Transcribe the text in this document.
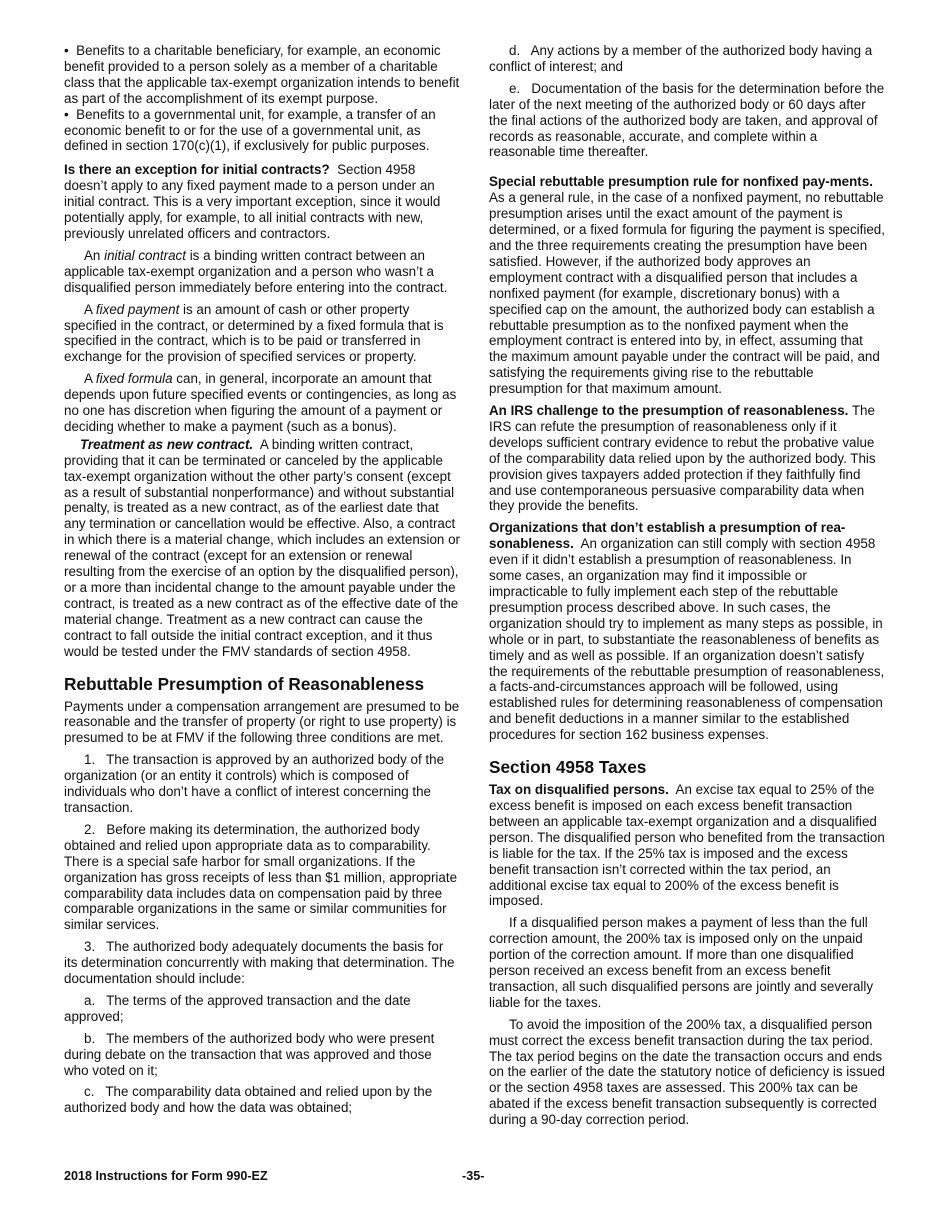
•  Benefits to a charitable beneficiary, for example, an economic benefit provided to a person solely as a member of a charitable class that the applicable tax-exempt organization intends to benefit as part of the accomplishment of its exempt purpose.

•  Benefits to a governmental unit, for example, a transfer of an economic benefit to or for the use of a governmental unit, as defined in section 170(c)(1), if exclusively for public purposes.

Is there an exception for initial contracts? Section 4958 doesn’t apply to any fixed payment made to a person under an initial contract. This is a very important exception, since it would potentially apply, for example, to all initial contracts with new, previously unrelated officers and contractors.

An initial contract is a binding written contract between an applicable tax-exempt organization and a person who wasn’t a disqualified person immediately before entering into the contract.

A fixed payment is an amount of cash or other property specified in the contract, or determined by a fixed formula that is specified in the contract, which is to be paid or transferred in exchange for the provision of specified services or property.

A fixed formula can, in general, incorporate an amount that depends upon future specified events or contingencies, as long as no one has discretion when figuring the amount of a payment or deciding whether to make a payment (such as a bonus).

Treatment as new contract. A binding written contract, providing that it can be terminated or canceled by the applicable tax-exempt organization without the other party’s consent (except as a result of substantial nonperformance) and without substantial penalty, is treated as a new contract, as of the earliest date that any termination or cancellation would be effective. Also, a contract in which there is a material change, which includes an extension or renewal of the contract (except for an extension or renewal resulting from the exercise of an option by the disqualified person), or a more than incidental change to the amount payable under the contract, is treated as a new contract as of the effective date of the material change. Treatment as a new contract can cause the contract to fall outside the initial contract exception, and it thus would be tested under the FMV standards of section 4958.

Rebuttable Presumption of Reasonableness

Payments under a compensation arrangement are presumed to be reasonable and the transfer of property (or right to use property) is presumed to be at FMV if the following three conditions are met.

1.   The transaction is approved by an authorized body of the organization (or an entity it controls) which is composed of individuals who don’t have a conflict of interest concerning the transaction.

2.   Before making its determination, the authorized body obtained and relied upon appropriate data as to comparability. There is a special safe harbor for small organizations. If the organization has gross receipts of less than $1 million, appropriate comparability data includes data on compensation paid by three comparable organizations in the same or similar communities for similar services.

3.   The authorized body adequately documents the basis for its determination concurrently with making that determination. The documentation should include:

a.   The terms of the approved transaction and the date approved;

b.   The members of the authorized body who were present during debate on the transaction that was approved and those who voted on it;

c.   The comparability data obtained and relied upon by the authorized body and how the data was obtained;

d.   Any actions by a member of the authorized body having a conflict of interest; and

e.   Documentation of the basis for the determination before the later of the next meeting of the authorized body or 60 days after the final actions of the authorized body are taken, and approval of records as reasonable, accurate, and complete within a reasonable time thereafter.

Special rebuttable presumption rule for nonfixed pay-ments.  As a general rule, in the case of a nonfixed payment, no rebuttable presumption arises until the exact amount of the payment is determined, or a fixed formula for figuring the payment is specified, and the three requirements creating the presumption have been satisfied. However, if the authorized body approves an employment contract with a disqualified person that includes a nonfixed payment (for example, discretionary bonus) with a specified cap on the amount, the authorized body can establish a rebuttable presumption as to the nonfixed payment when the employment contract is entered into by, in effect, assuming that the maximum amount payable under the contract will be paid, and satisfying the requirements giving rise to the rebuttable presumption for that maximum amount.

An IRS challenge to the presumption of reasonableness. The IRS can refute the presumption of reasonableness only if it develops sufficient contrary evidence to rebut the probative value of the comparability data relied upon by the authorized body. This provision gives taxpayers added protection if they faithfully find and use contemporaneous persuasive comparability data when they provide the benefits.

Organizations that don’t establish a presumption of rea-sonableness. An organization can still comply with section 4958 even if it didn’t establish a presumption of reasonableness. In some cases, an organization may find it impossible or impracticable to fully implement each step of the rebuttable presumption process described above. In such cases, the organization should try to implement as many steps as possible, in whole or in part, to substantiate the reasonableness of benefits as timely and as well as possible. If an organization doesn’t satisfy the requirements of the rebuttable presumption of reasonableness, a facts-and-circumstances approach will be followed, using established rules for determining reasonableness of compensation and benefit deductions in a manner similar to the established procedures for section 162 business expenses.

Section 4958 Taxes

Tax on disqualified persons. An excise tax equal to 25% of the excess benefit is imposed on each excess benefit transaction between an applicable tax-exempt organization and a disqualified person. The disqualified person who benefited from the transaction is liable for the tax. If the 25% tax is imposed and the excess benefit transaction isn’t corrected within the tax period, an additional excise tax equal to 200% of the excess benefit is imposed.

If a disqualified person makes a payment of less than the full correction amount, the 200% tax is imposed only on the unpaid portion of the correction amount. If more than one disqualified person received an excess benefit from an excess benefit transaction, all such disqualified persons are jointly and severally liable for the taxes.

To avoid the imposition of the 200% tax, a disqualified person must correct the excess benefit transaction during the tax period. The tax period begins on the date the transaction occurs and ends on the earlier of the date the statutory notice of deficiency is issued or the section 4958 taxes are assessed. This 200% tax can be abated if the excess benefit transaction subsequently is corrected during a 90-day correction period.

2018 Instructions for Form 990-EZ	-35-
